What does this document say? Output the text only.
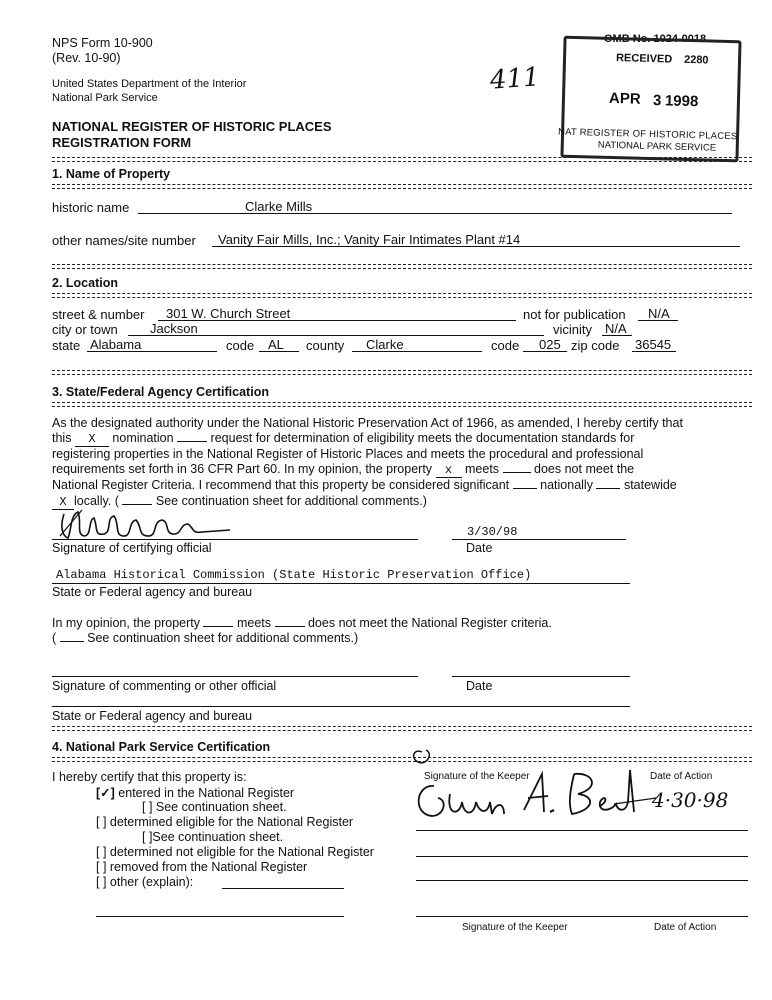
NPS Form 10-900
(Rev. 10-90)
United States Department of the Interior
National Park Service
NATIONAL REGISTER OF HISTORIC PLACES
REGISTRATION FORM
411
OMB No. 1024-0018
RECEIVED 2280
APR 3 1998
NAT REGISTER OF HISTORIC PLACES
NATIONAL PARK SERVICE
1. Name of Property
historic name	Clarke Mills
other names/site number Vanity Fair Mills, Inc.; Vanity Fair Intimates Plant #14
2. Location
street & number 301 W. Church Street	not for publication N/A
city or town Jackson	vicinity N/A
state Alabama	code AL county Clarke	code 025 zip code 36545
3. State/Federal Agency Certification
As the designated authority under the National Historic Preservation Act of 1966, as amended, I hereby certify that
this X nomination	request for determination of eligibility meets the documentation standards for
registering properties in the National Register of Historic Places and meets the procedural and professional
requirements set forth in 36 CFR Part 60. In my opinion, the property x meets	does not meet the
National Register Criteria. I recommend that this property be considered significant nationally statewide
X locally. (	See continuation sheet for additional comments.)
Signature of certifying official
3/30/98
Date
Alabama Historical Commission (State Historic Preservation Office)
State or Federal agency and bureau
In my opinion, the property	meets	does not meet the National Register criteria.
( See continuation sheet for additional comments.)
Signature of commenting or other official	Date
State or Federal agency and bureau
4. National Park Service Certification
I hereby certify that this property is:
[✓] entered in the National Register
[ ] See continuation sheet.
[ ] determined eligible for the National Register
[ ]See continuation sheet.
[ ] determined not eligible for the National Register
[ ] removed from the National Register
[ ] other (explain):
Signature of the Keeper	Date of Action
4·30·98
Signature of the Keeper	Date of Action
